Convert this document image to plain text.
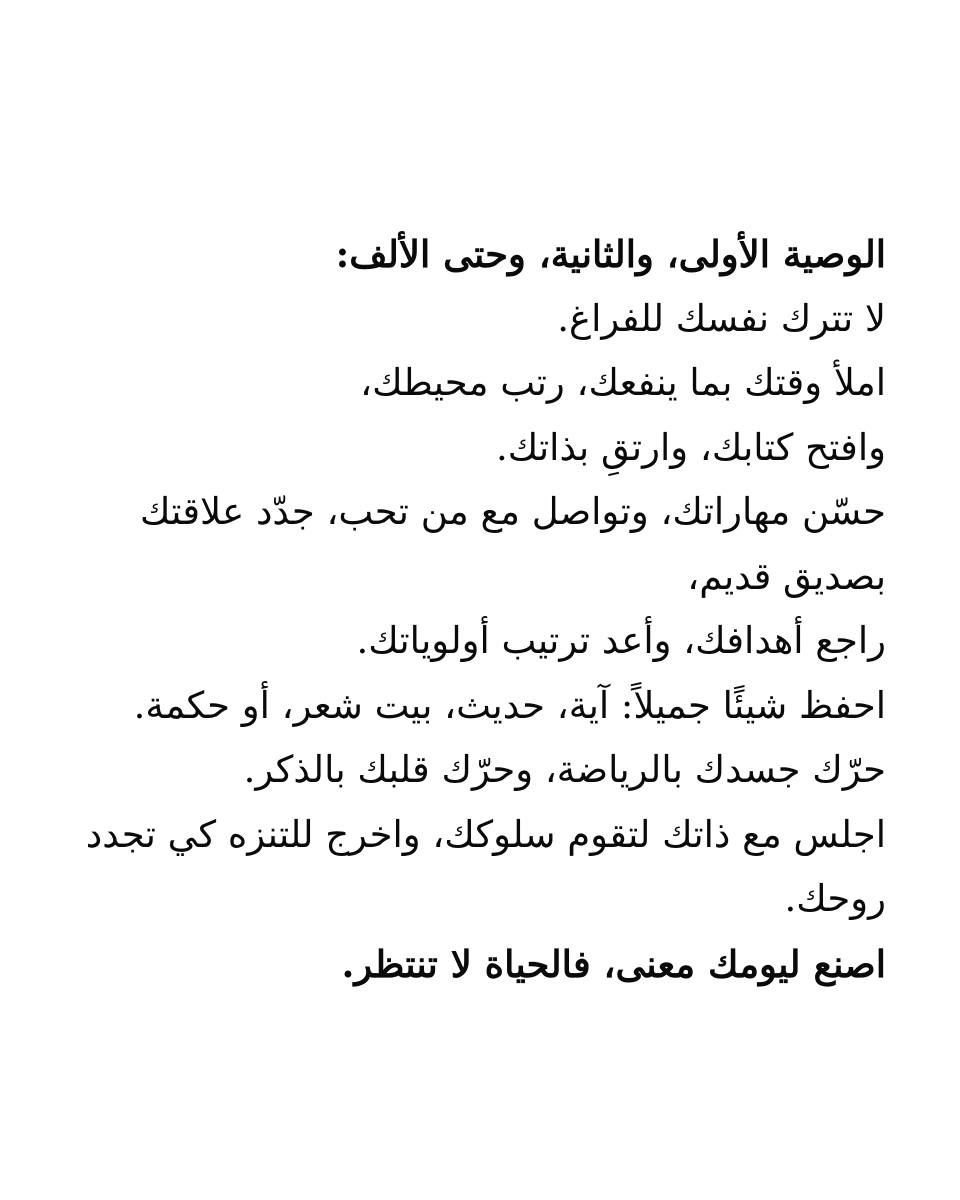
الوصية الأولى، والثانية، وحتى الألف:
لا تترك نفسك للفراغ.
املأ وقتك بما ينفعك، رتب محيطك،
وافتح كتابك، وارتقِ بذاتك.
حسّن مهاراتك، وتواصل مع من تحب، جدّد علاقتك
بصديق قديم،
راجع أهدافك، وأعد ترتيب أولوياتك.
احفظ شيئًا جميلاً: آية، حديث، بيت شعر، أو حكمة.
حرّك جسدك بالرياضة، وحرّك قلبك بالذكر.
اجلس مع ذاتك لتقوم سلوكك، واخرج للتنزه كي تجدد
روحك.
اصنع ليومك معنى، فالحياة لا تنتظر.
